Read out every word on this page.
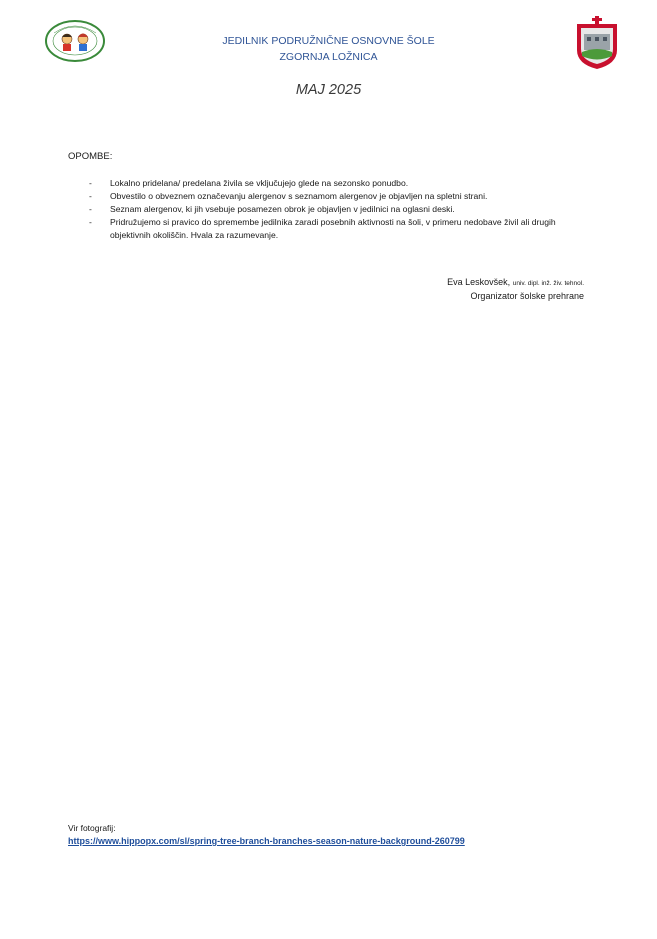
JEDILNIK PODRUŽNIČNE OSNOVNE ŠOLE
ZGORNJA LOŽNICA
MAJ 2025
OPOMBE:
- Lokalno pridelana/ predelana živila se vključujejo glede na sezonsko ponudbo.
- Obvestilo o obveznem označevanju alergenov s seznamom alergenov je objavljen na spletni strani.
- Seznam alergenov, ki jih vsebuje posamezen obrok je objavljen v jedilnici na oglasni deski.
- Pridružujemo si pravico do spremembe jedilnika zaradi posebnih aktivnosti na šoli, v primeru nedobave živil ali drugih objektivnih okoliščin. Hvala za razumevanje.
Eva Leskovšek, univ. dipl. inž. živ. tehnol.
Organizator šolske prehrane
Vir fotografij:
https://www.hippopx.com/sl/spring-tree-branch-branches-season-nature-background-260799
